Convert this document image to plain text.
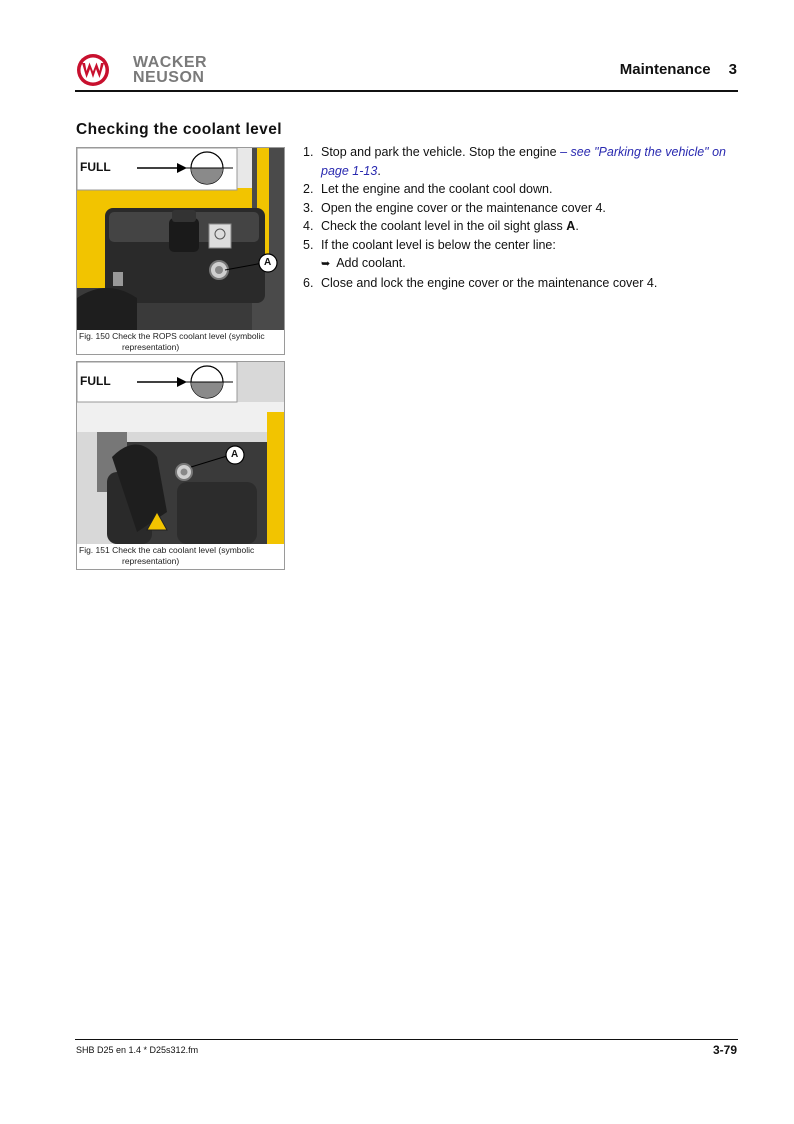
WACKER
NEUSON	Maintenance 3
Checking the coolant level
FULL
A
Fig. 150 Check the ROPS coolant level (symbolic
representation)
FULL
A
Fig. 151 Check the cab coolant level (symbolic
representation)
1. Stop and park the vehicle. Stop the engine – see "Parking the vehicle" on page 1-13.
2. Let the engine and the coolant cool down.
3. Open the engine cover or the maintenance cover 4.
4. Check the coolant level in the oil sight glass A.
5. If the coolant level is below the center line:
➥ Add coolant.
6. Close and lock the engine cover or the maintenance cover 4.
SHB D25 en 1.4 * D25s312.fm	3-79
